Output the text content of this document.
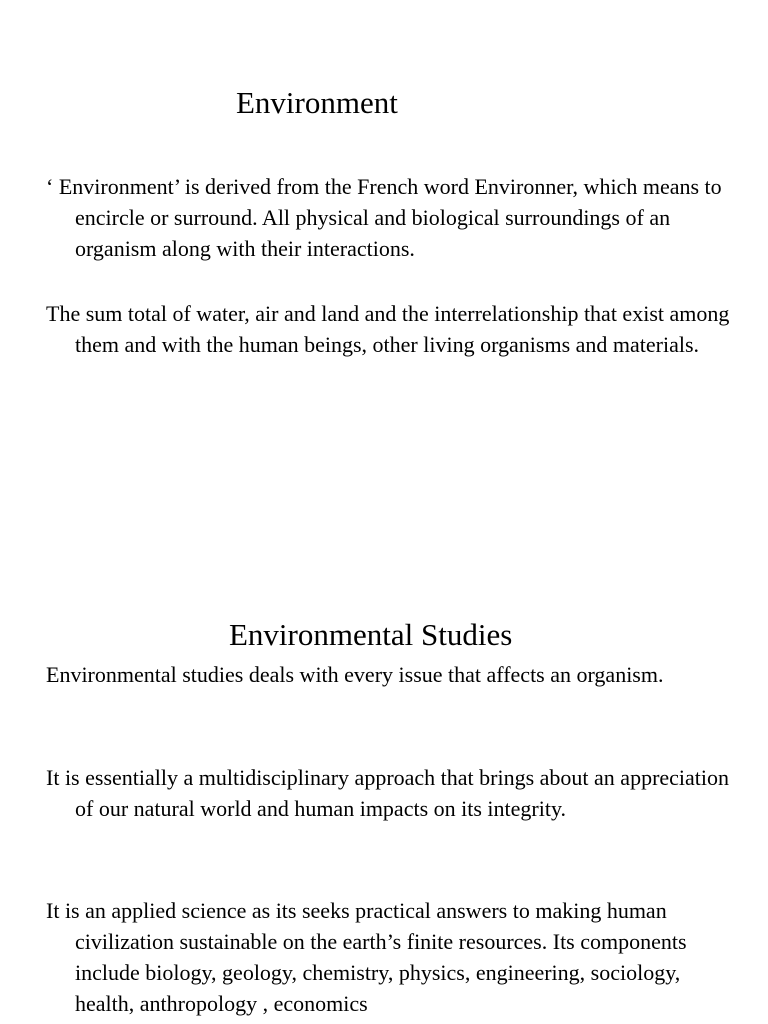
Environment

‘ Environment’ is derived from the French word Environner, which means to encircle or surround. All physical and biological surroundings of an organism along with their interactions.

The sum total of water, air and land and the interrelationship that exist among them and with the human beings, other living organisms and materials.

Environmental Studies

Environmental studies deals with every issue that affects an organism.

It is essentially a multidisciplinary approach that brings about an appreciation of our natural world and human impacts on its integrity.

It is an applied science as its seeks practical answers to making human civilization sustainable on the earth’s finite resources. Its components include biology, geology, chemistry, physics, engineering, sociology, health, anthropology , economics
